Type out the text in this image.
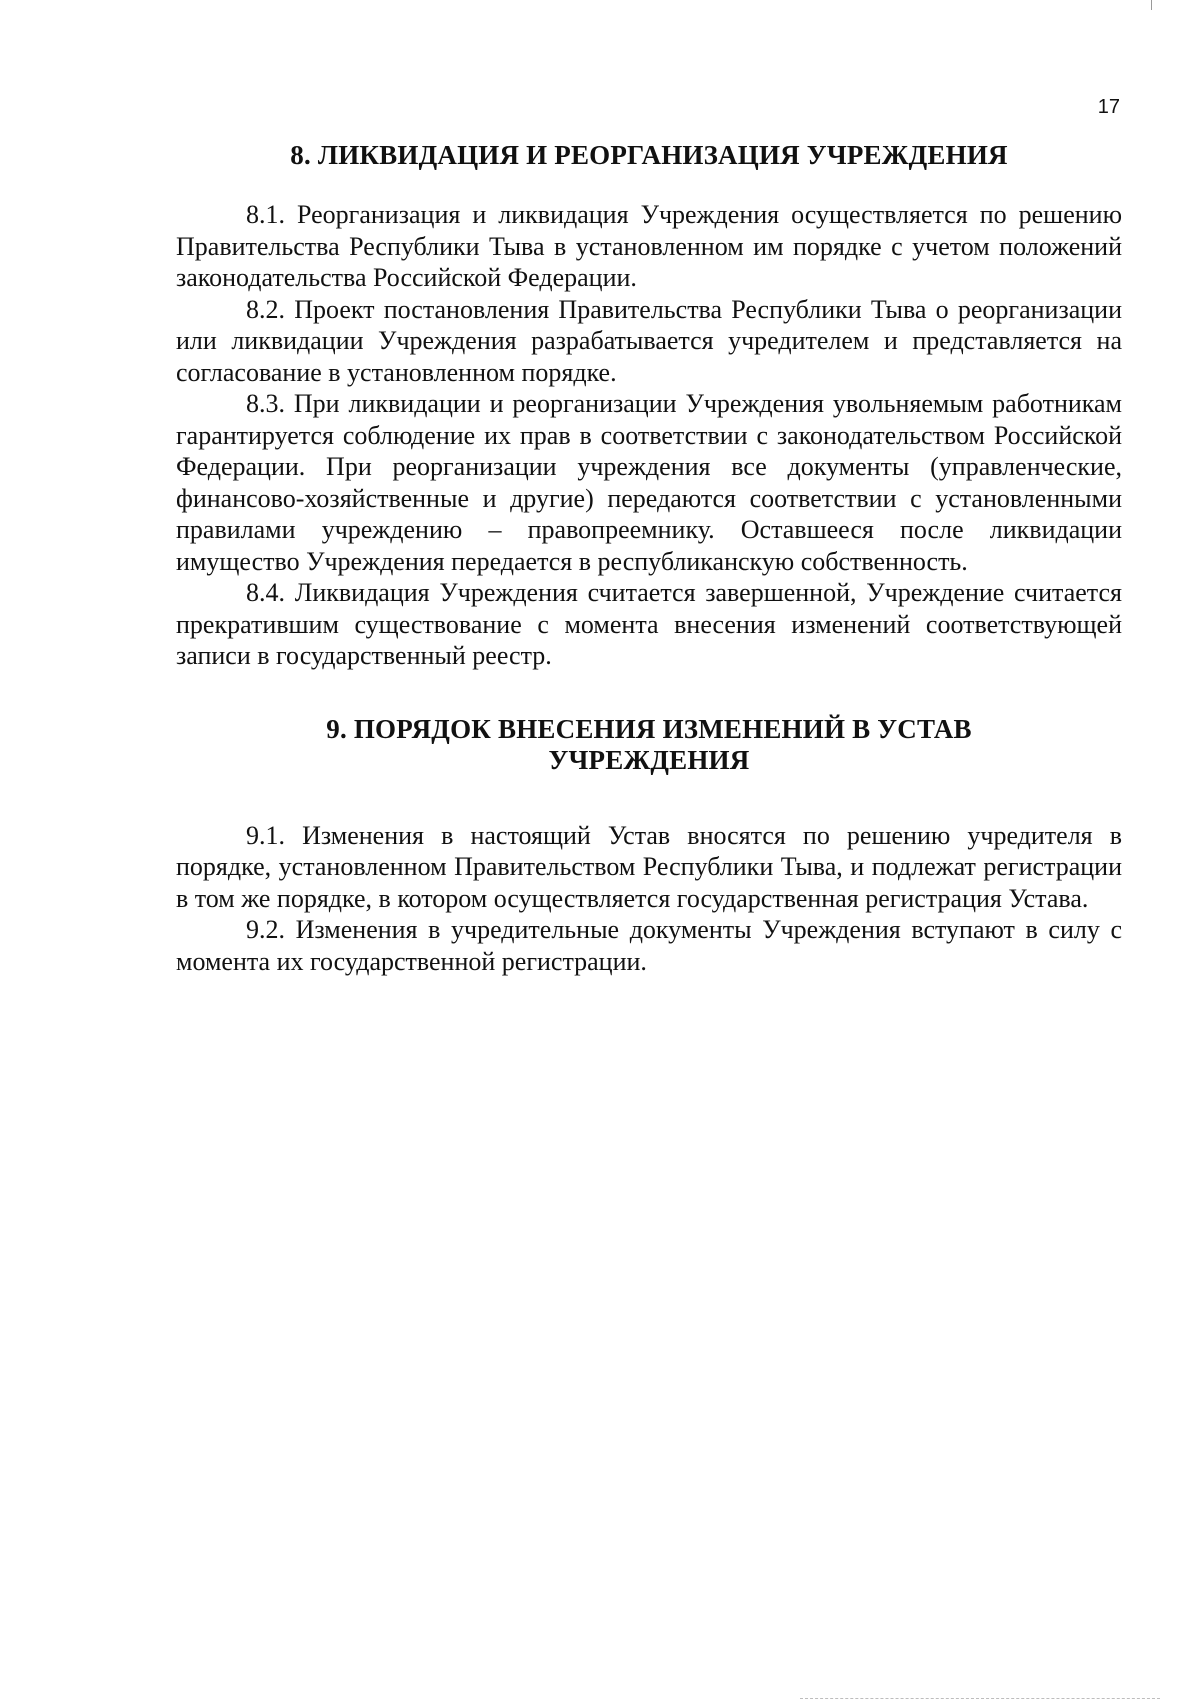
17
8. ЛИКВИДАЦИЯ И РЕОРГАНИЗАЦИЯ УЧРЕЖДЕНИЯ

8.1. Реорганизация и ликвидация Учреждения осуществляется по решению Правительства Республики Тыва в установленном им порядке с учетом положений законодательства Российской Федерации.

8.2. Проект постановления Правительства Республики Тыва о реорганизации или ликвидации Учреждения разрабатывается учредителем и представляется на согласование в установленном порядке.

8.3. При ликвидации и реорганизации Учреждения увольняемым работникам гарантируется соблюдение их прав в соответствии с законодательством Российской Федерации. При реорганизации учреждения все документы (управленческие, финансово-хозяйственные и другие) передаются соответствии с установленными правилами учреждению – правопреемнику. Оставшееся после ликвидации имущество Учреждения передается в республиканскую собственность.

8.4. Ликвидация Учреждения считается завершенной, Учреждение считается прекратившим существование с момента внесения изменений соответствующей записи в государственный реестр.

9. ПОРЯДОК ВНЕСЕНИЯ ИЗМЕНЕНИЙ В УСТАВ
УЧРЕЖДЕНИЯ

9.1. Изменения в настоящий Устав вносятся по решению учредителя в порядке, установленном Правительством Республики Тыва, и подлежат регистрации в том же порядке, в котором осуществляется государственная регистрация Устава.

9.2. Изменения в учредительные документы Учреждения вступают в силу с момента их государственной регистрации.
